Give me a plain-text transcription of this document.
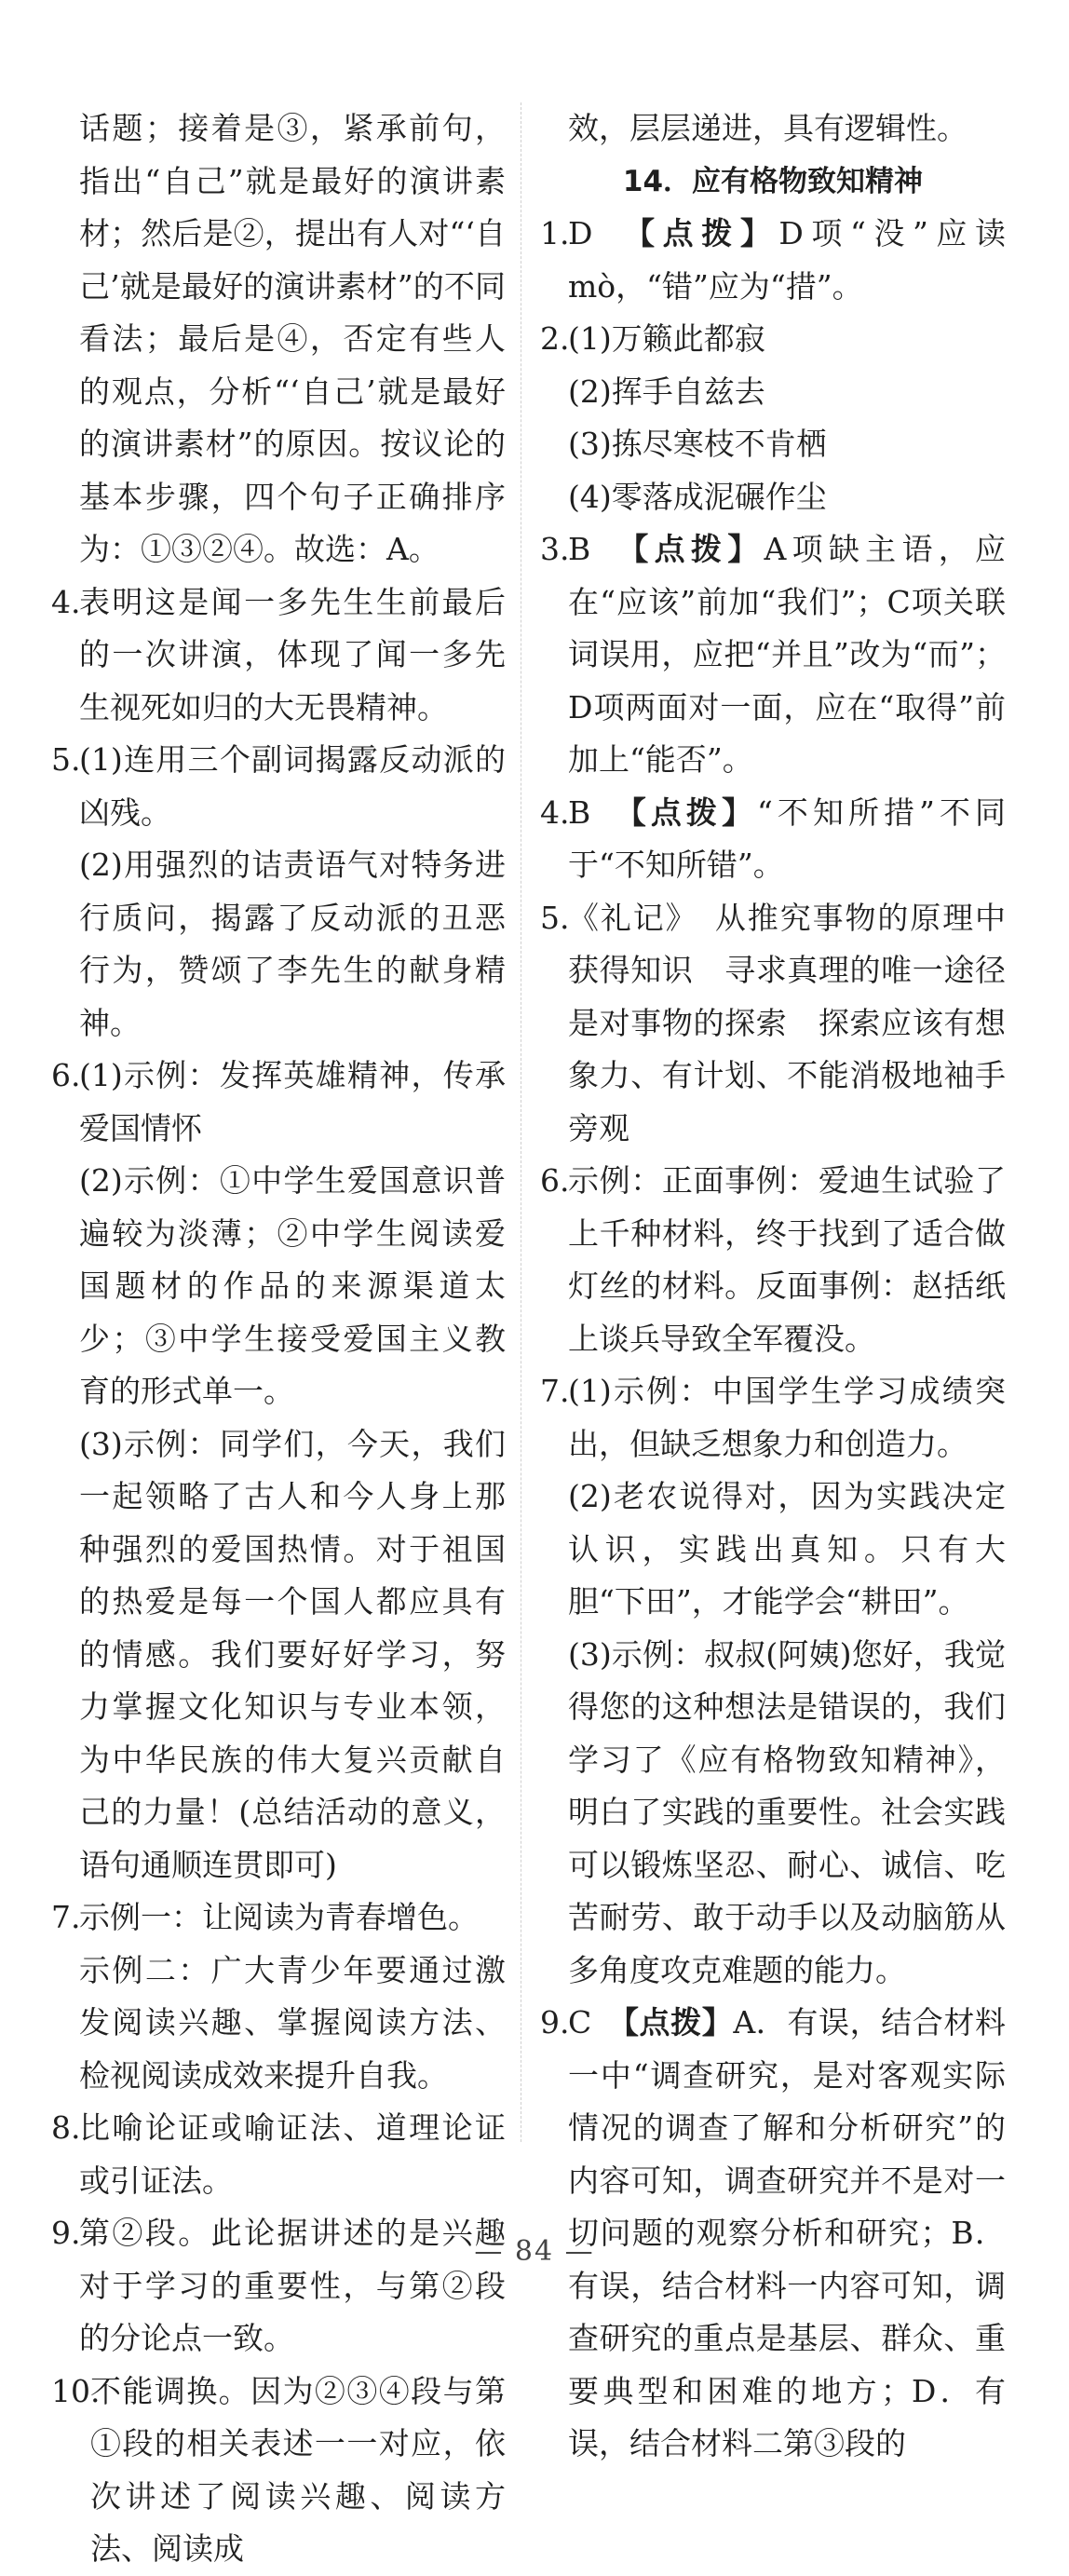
话题；接着是③，紧承前句，指出“自己”就是最好的演讲素材；然后是②，提出有人对“‘自己’就是最好的演讲素材”的不同看法；最后是④，否定有些人的观点，分析“‘自己’就是最好的演讲素材”的原因。按议论的基本步骤，四个句子正确排序为：①③②④。故选：A。
4.
表明这是闻一多先生生前最后的一次讲演，体现了闻一多先生视死如归的大无畏精神。
5.
(1)连用三个副词揭露反动派的凶残。
(2)用强烈的诘责语气对特务进行质问，揭露了反动派的丑恶行为，赞颂了李先生的献身精神。
6.
(1)示例：发挥英雄精神，传承爱国情怀
(2)示例：①中学生爱国意识普遍较为淡薄；②中学生阅读爱国题材的作品的来源渠道太少；③中学生接受爱国主义教育的形式单一。
(3)示例：同学们，今天，我们一起领略了古人和今人身上那种强烈的爱国热情。对于祖国的热爱是每一个国人都应具有的情感。我们要好好学习，努力掌握文化知识与专业本领，为中华民族的伟大复兴贡献自己的力量！(总结活动的意义，语句通顺连贯即可)
7.
示例一：让阅读为青春增色。
示例二：广大青少年要通过激发阅读兴趣、掌握阅读方法、检视阅读成效来提升自我。
8.
比喻论证或喻证法、道理论证或引证法。
9.
第②段。此论据讲述的是兴趣对于学习的重要性，与第②段的分论点一致。
10.
不能调换。因为②③④段与第①段的相关表述一一对应，依次讲述了阅读兴趣、阅读方法、阅读成
效，层层递进，具有逻辑性。
14．应有格物致知精神
1.
D　 【点拨】D项“没”应读mò，“错”应为“措”。
2.
(1)万籁此都寂
(2)挥手自兹去
(3)拣尽寒枝不肯栖
(4)零落成泥碾作尘
3.
B　 【点拨】A项缺主语，应在“应该”前加“我们”；C项关联词误用，应把“并且”改为“而”；D项两面对一面，应在“取得”前加上“能否”。
4.
B　 【点拨】“不知所措”不同于“不知所错”。
5.
《礼记》　从推究事物的原理中获得知识　寻求真理的唯一途径是对事物的探索　探索应该有想象力、有计划、不能消极地袖手旁观
6.
示例：正面事例：爱迪生试验了上千种材料，终于找到了适合做灯丝的材料。反面事例：赵括纸上谈兵导致全军覆没。
7.
(1)示例：中国学生学习成绩突出，但缺乏想象力和创造力。
(2)老农说得对，因为实践决定认识，实践出真知。只有大胆“下田”，才能学会“耕田”。
(3)示例：叔叔(阿姨)您好，我觉得您的这种想法是错误的，我们学习了《应有格物致知精神》，明白了实践的重要性。社会实践可以锻炼坚忍、耐心、诚信、吃苦耐劳、敢于动手以及动脑筋从多角度攻克难题的能力。
9.
C　 【点拨】A．有误，结合材料一中“调查研究，是对客观实际情况的调查了解和分析研究”的内容可知，调查研究并不是对一切问题的观察分析和研究；B．有误，结合材料一内容可知，调查研究的重点是基层、群众、重要典型和困难的地方；D．有误，结合材料二第③段的
— 84 —
